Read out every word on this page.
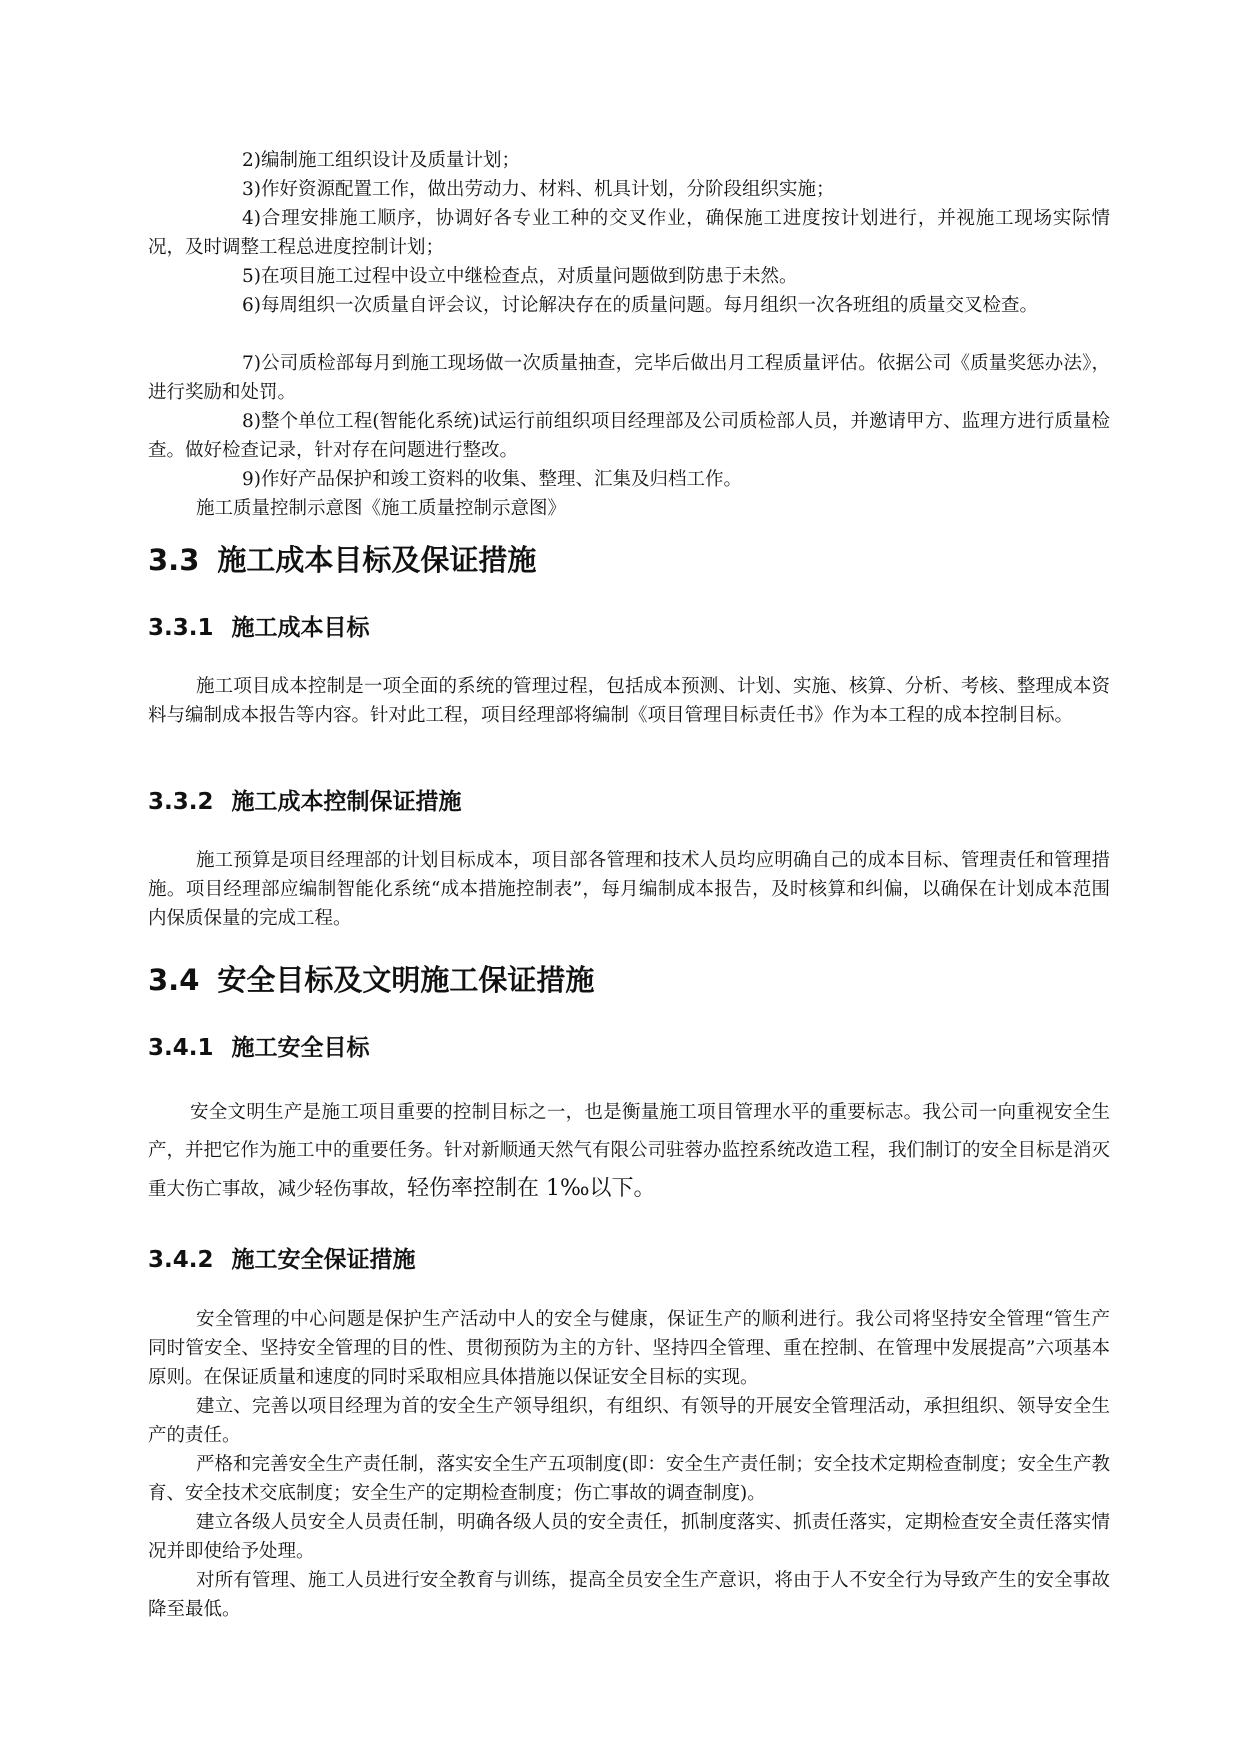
2)编制施工组织设计及质量计划；
3)作好资源配置工作，做出劳动力、材料、机具计划，分阶段组织实施；
4)合理安排施工顺序，协调好各专业工种的交叉作业，确保施工进度按计划进行，并视施工现场实际情况，及时调整工程总进度控制计划；
5)在项目施工过程中设立中继检查点，对质量问题做到防患于未然。
6)每周组织一次质量自评会议，讨论解决存在的质量问题。每月组织一次各班组的质量交叉检查。
7)公司质检部每月到施工现场做一次质量抽查，完毕后做出月工程质量评估。依据公司《质量奖惩办法》，进行奖励和处罚。
8)整个单位工程(智能化系统)试运行前组织项目经理部及公司质检部人员，并邀请甲方、监理方进行质量检查。做好检查记录，针对存在问题进行整改。
9)作好产品保护和竣工资料的收集、整理、汇集及归档工作。
施工质量控制示意图《施工质量控制示意图》
3.3 施工成本目标及保证措施
3.3.1 施工成本目标
施工项目成本控制是一项全面的系统的管理过程，包括成本预测、计划、实施、核算、分析、考核、整理成本资料与编制成本报告等内容。针对此工程，项目经理部将编制《项目管理目标责任书》作为本工程的成本控制目标。
3.3.2 施工成本控制保证措施
施工预算是项目经理部的计划目标成本，项目部各管理和技术人员均应明确自己的成本目标、管理责任和管理措施。项目经理部应编制智能化系统“成本措施控制表”，每月编制成本报告，及时核算和纠偏，以确保在计划成本范围内保质保量的完成工程。
3.4 安全目标及文明施工保证措施
3.4.1 施工安全目标
安全文明生产是施工项目重要的控制目标之一，也是衡量施工项目管理水平的重要标志。我公司一向重视安全生产，并把它作为施工中的重要任务。针对新顺通天然气有限公司驻蓉办监控系统改造工程，我们制订的安全目标是消灭重大伤亡事故，减少轻伤事故，轻伤率控制在 1‰以下。
3.4.2 施工安全保证措施
安全管理的中心问题是保护生产活动中人的安全与健康，保证生产的顺利进行。我公司将坚持安全管理“管生产同时管安全、坚持安全管理的目的性、贯彻预防为主的方针、坚持四全管理、重在控制、在管理中发展提高”六项基本原则。在保证质量和速度的同时采取相应具体措施以保证安全目标的实现。
建立、完善以项目经理为首的安全生产领导组织，有组织、有领导的开展安全管理活动，承担组织、领导安全生产的责任。
严格和完善安全生产责任制，落实安全生产五项制度(即：安全生产责任制；安全技术定期检查制度；安全生产教育、安全技术交底制度；安全生产的定期检查制度；伤亡事故的调查制度)。
建立各级人员安全人员责任制，明确各级人员的安全责任，抓制度落实、抓责任落实，定期检查安全责任落实情况并即使给予处理。
对所有管理、施工人员进行安全教育与训练，提高全员安全生产意识，将由于人不安全行为导致产生的安全事故降至最低。
